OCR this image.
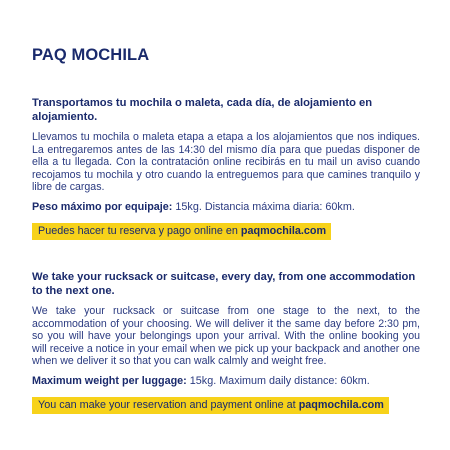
PAQ MOCHILA
Transportamos tu mochila o maleta, cada día, de alojamiento en alojamiento.
Llevamos tu mochila o maleta etapa a etapa a los alojamientos que nos indiques. La entregaremos antes de las 14:30 del mismo día para que puedas disponer de ella a tu llegada. Con la contratación online recibirás en tu mail un aviso cuando recojamos tu mochila y otro cuando la entreguemos para que camines tranquilo y libre de cargas.
Peso máximo por equipaje: 15kg. Distancia máxima diaria: 60km.
Puedes hacer tu reserva y pago online en paqmochila.com
We take your rucksack or suitcase, every day, from one accommodation to the next one.
We take your rucksack or suitcase from one stage to the next, to the accommodation of your choosing. We will deliver it the same day before 2:30 pm, so you will have your belongings upon your arrival. With the online booking you will receive a notice in your email when we pick up your backpack and another one when we deliver it so that you can walk calmly and weight free.
Maximum weight per luggage: 15kg. Maximum daily distance: 60km.
You can make your reservation and payment online at paqmochila.com
